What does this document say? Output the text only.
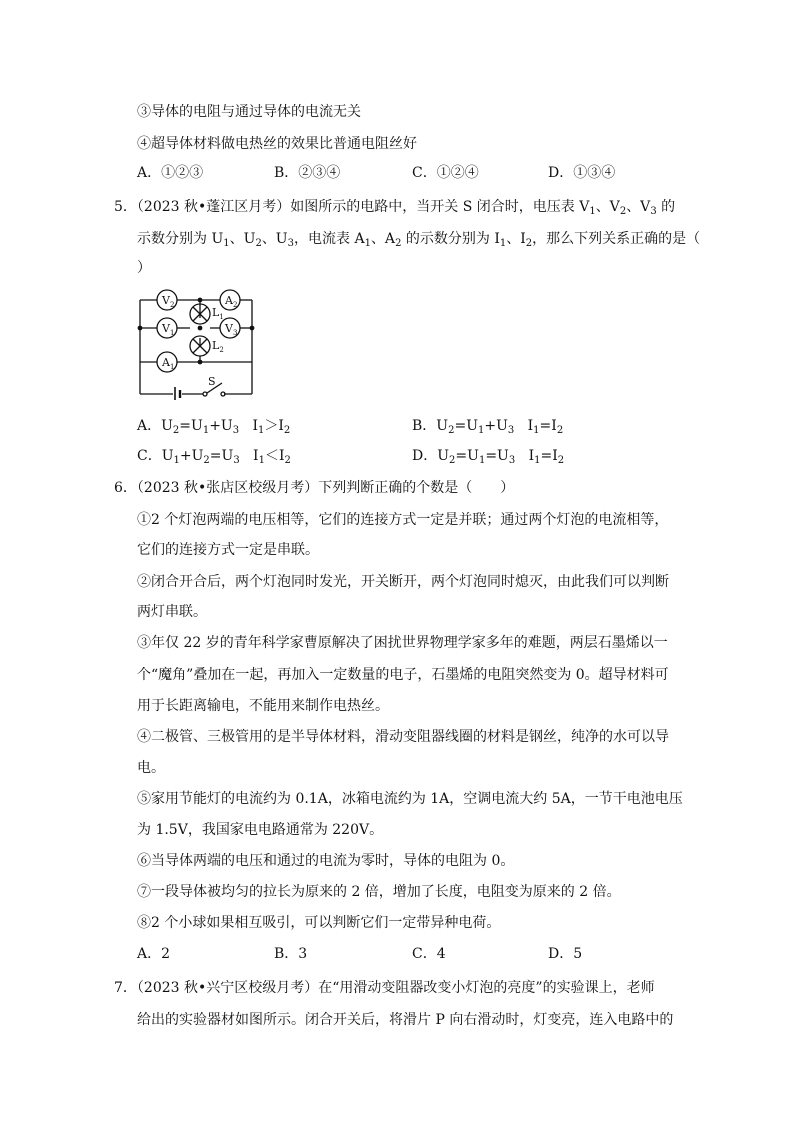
③导体的电阻与通过导体的电流无关
④超导体材料做电热丝的效果比普通电阻丝好
A．①②③	B．②③④	C．①②④	D．①③④
5．（2023 秋•蓬江区月考）如图所示的电路中，当开关 S 闭合时，电压表 $V_1$、$V_2$、$V_3$ 的
示数分别为 $U_1$、$U_2$、$U_3$，电流表 $A_1$、$A_2$ 的示数分别为 $I_1$、$I_2$，那么下列关系正确的是（
）
$V_2$	$A_2$
$V_1$	$V_3$
$A_1$
$L_1$
$L_2$
S
A．$U_2=U_1+U_3$   $I_1>I_2$	B．$U_2=U_1+U_3$   $I_1=I_2$
C．$U_1+U_2=U_3$   $I_1<I_2$	D．$U_2=U_1=U_3$   $I_1=I_2$
6．（2023 秋•张店区校级月考）下列判断正确的个数是（　　）
①2 个灯泡两端的电压相等，它们的连接方式一定是并联；通过两个灯泡的电流相等，
它们的连接方式一定是串联。
②闭合开合后，两个灯泡同时发光，开关断开，两个灯泡同时熄灭，由此我们可以判断
两灯串联。
③年仅 22 岁的青年科学家曹原解决了困扰世界物理学家多年的难题，两层石墨烯以一
个“魔角”叠加在一起，再加入一定数量的电子，石墨烯的电阻突然变为 0。超导材料可
用于长距离输电，不能用来制作电热丝。
④二极管、三极管用的是半导体材料，滑动变阻器线圈的材料是钢丝，纯净的水可以导
电。
⑤家用节能灯的电流约为 0.1A，冰箱电流约为 1A，空调电流大约 5A，一节干电池电压
为 1.5V，我国家电电路通常为 220V。
⑥当导体两端的电压和通过的电流为零时，导体的电阻为 0。
⑦一段导体被均匀的拉长为原来的 2 倍，增加了长度，电阻变为原来的 2 倍。
⑧2 个小球如果相互吸引，可以判断它们一定带异种电荷。
A．2	B．3	C．4	D．5
7．（2023 秋•兴宁区校级月考）在“用滑动变阻器改变小灯泡的亮度”的实验课上，老师
给出的实验器材如图所示。闭合开关后，将滑片 P 向右滑动时，灯变亮，连入电路中的
